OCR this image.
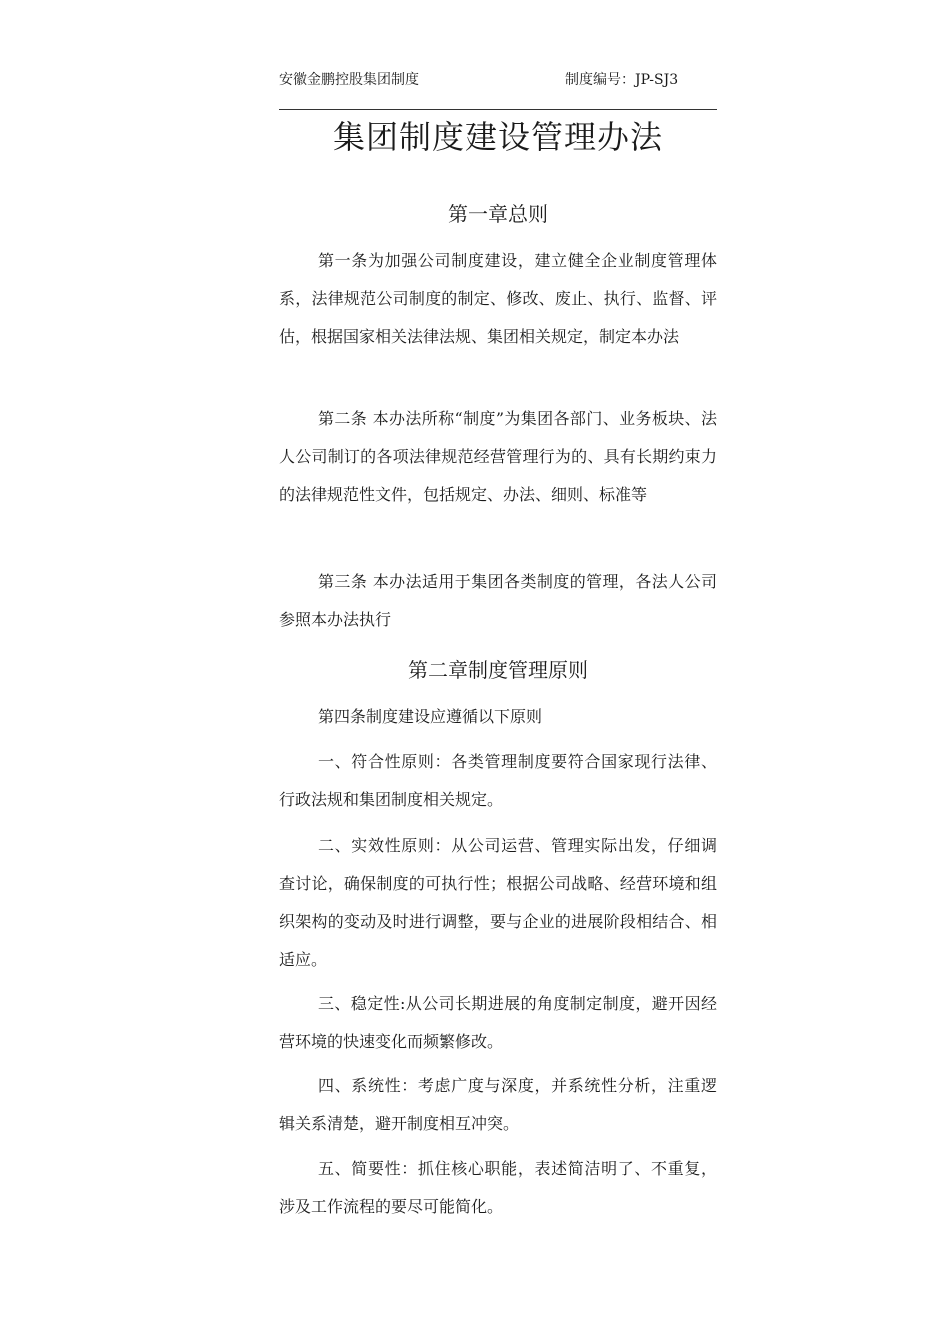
安徽金鹏控股集团制度	制度编号：JP-SJ3
集团制度建设管理办法
第一章总则

第一条为加强公司制度建设，建立健全企业制度管理体系，法律规范公司制度的制定、修改、废止、执行、监督、评估，根据国家相关法律法规、集团相关规定，制定本办法

第二条 本办法所称“制度”为集团各部门、业务板块、法人公司制订的各项法律规范经营管理行为的、具有长期约束力的法律规范性文件，包括规定、办法、细则、标准等

第三条 本办法适用于集团各类制度的管理，各法人公司参照本办法执行

第二章制度管理原则

第四条制度建设应遵循以下原则

一、符合性原则：各类管理制度要符合国家现行法律、行政法规和集团制度相关规定。

二、实效性原则：从公司运营、管理实际出发，仔细调查讨论，确保制度的可执行性；根据公司战略、经营环境和组织架构的变动及时进行调整，要与企业的进展阶段相结合、相适应。

三、稳定性:从公司长期进展的角度制定制度，避开因经营环境的快速变化而频繁修改。

四、系统性：考虑广度与深度，并系统性分析，注重逻辑关系清楚，避开制度相互冲突。

五、简要性：抓住核心职能，表述简洁明了、不重复，涉及工作流程的要尽可能简化。
